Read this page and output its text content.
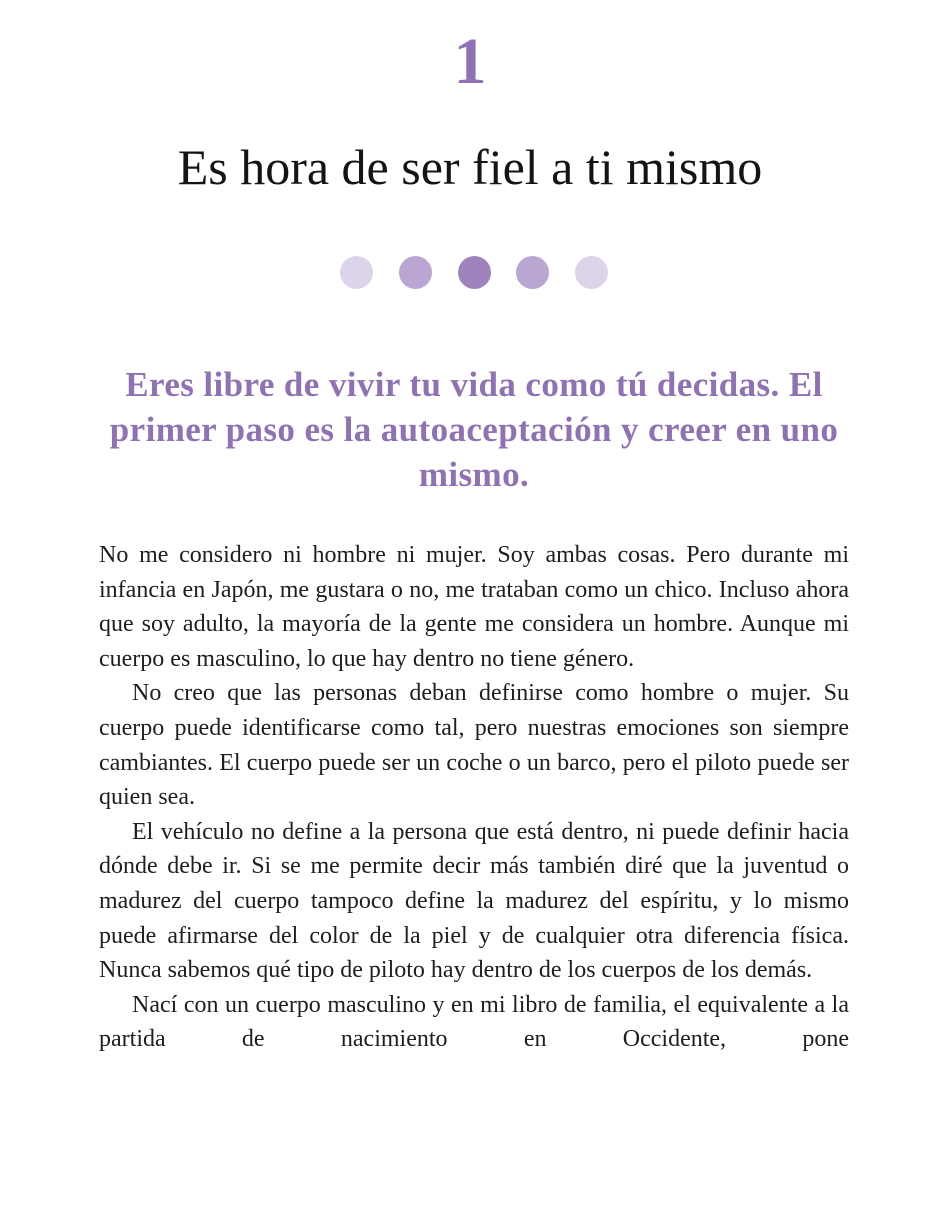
1
Es hora de ser fiel a ti mismo
Eres libre de vivir tu vida como tú decidas. El primer paso es la autoaceptación y creer en uno mismo.

No me considero ni hombre ni mujer. Soy ambas cosas. Pero durante mi infancia en Japón, me gustara o no, me trataban como un chico. Incluso ahora que soy adulto, la mayoría de la gente me considera un hombre. Aunque mi cuerpo es masculino, lo que hay dentro no tiene género.

No creo que las personas deban definirse como hombre o mujer. Su cuerpo puede identificarse como tal, pero nuestras emociones son siempre cambiantes. El cuerpo puede ser un coche o un barco, pero el piloto puede ser quien sea.

El vehículo no define a la persona que está dentro, ni puede definir hacia dónde debe ir. Si se me permite decir más también diré que la juventud o madurez del cuerpo tampoco define la madurez del espíritu, y lo mismo puede afirmarse del color de la piel y de cualquier otra diferencia física. Nunca sabemos qué tipo de piloto hay dentro de los cuerpos de los demás.

Nací con un cuerpo masculino y en mi libro de familia, el equivalente a la partida de nacimiento en Occidente, pone
